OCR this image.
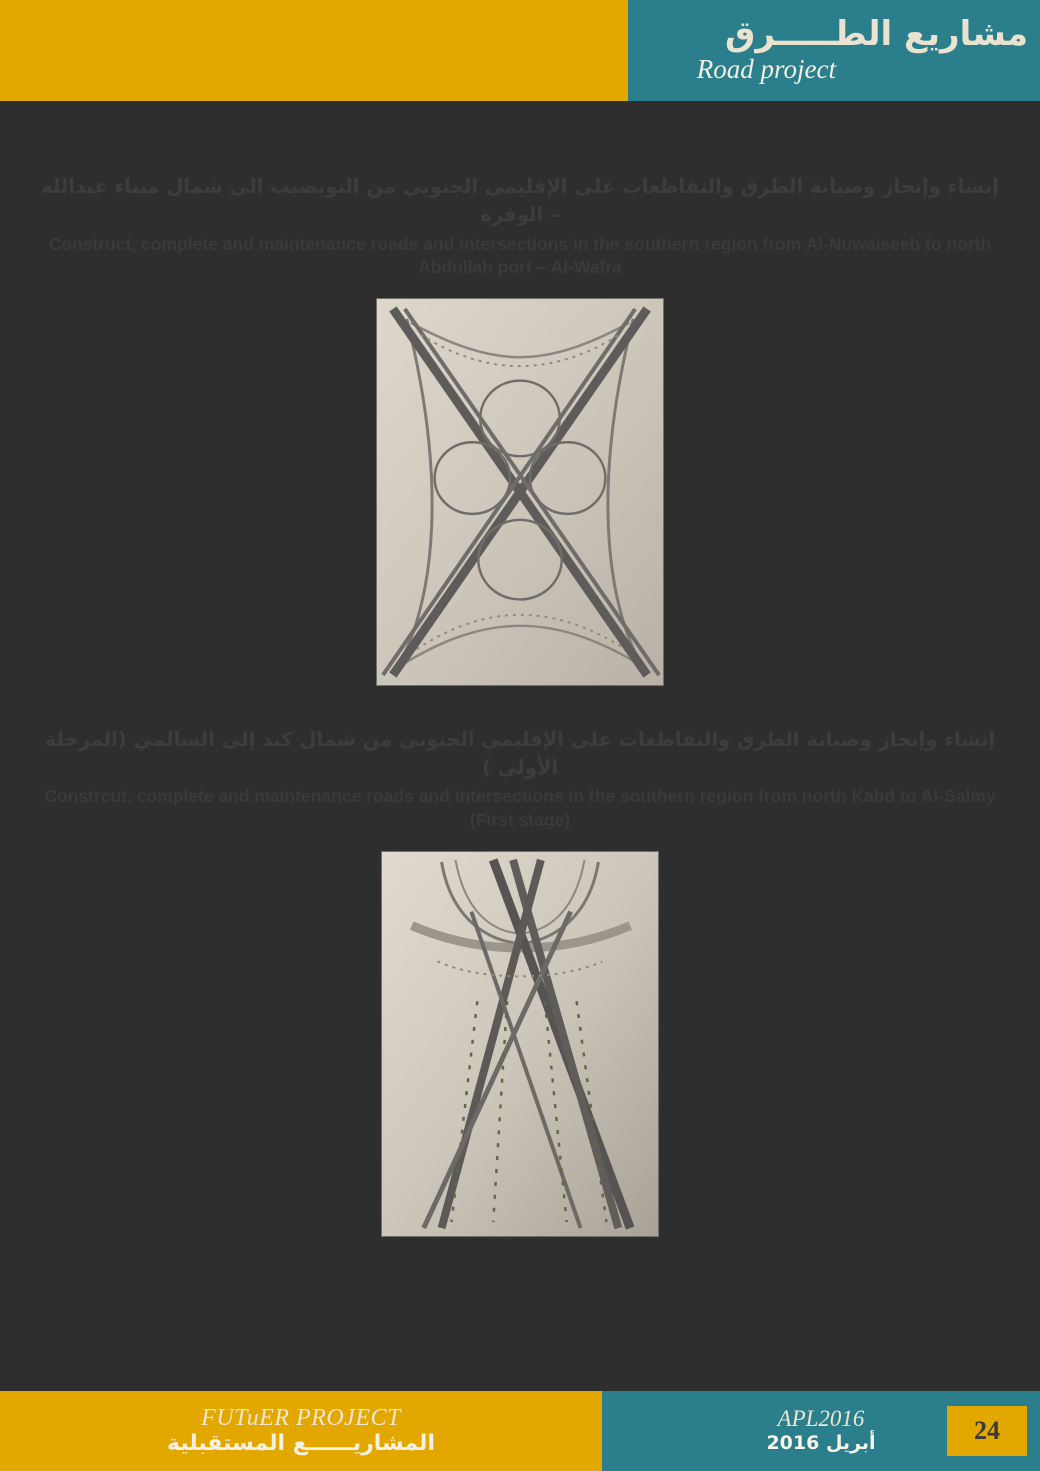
مشاريع الطـــــرق
Road project
إنشاء وإنجاز وصيانة الطرق والتقاطعات على الإقليمي الجنوبي من النويصيب الى شمال ميناء عبدالله – الوفرة
Construct, complete and maintenance roads and intersections in the southern region from Al-Nuwaiseeb to north Abdullah port – Al-Wafra
إنشاء وإنجاز وصيانة الطرق والتقاطعات على الإقليمي الجنوبي من شمال كبد إلى السالمي (المرحلة الأولى )
Constrcut, complete and maintenance roads and intersections in the southern region from north Kabd to Al-Salmy (First stage)
FUTuER PROJECT
المشاريــــــع المستقبلية
APL2016
أبريل 2016	24
